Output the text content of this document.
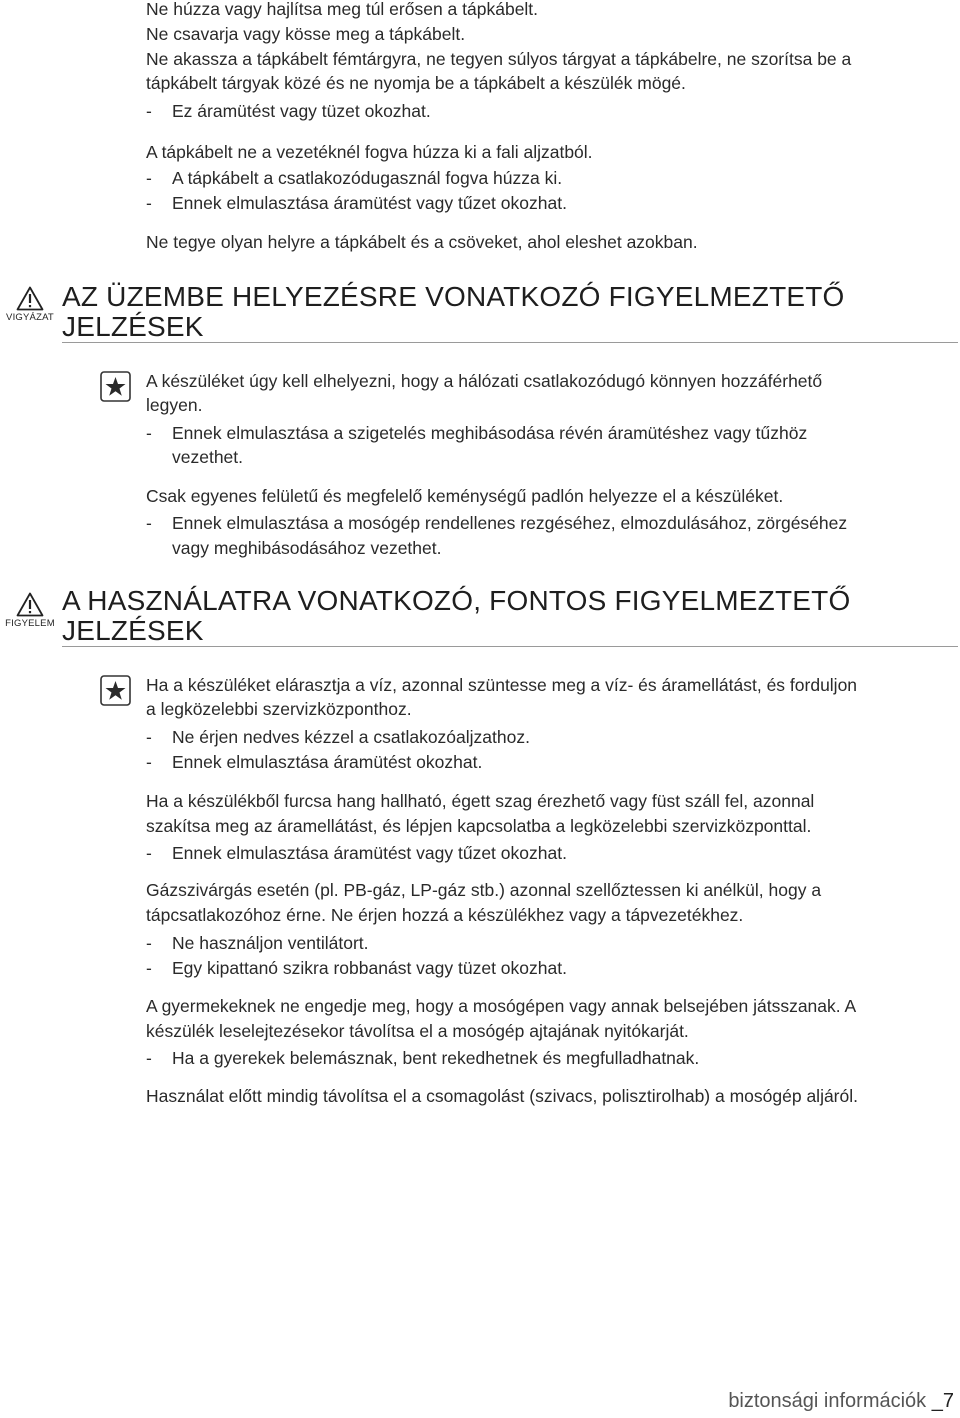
Ne húzza vagy hajlítsa meg túl erősen a tápkábelt.

Ne csavarja vagy kösse meg a tápkábelt.

Ne akassza a tápkábelt fémtárgyra, ne tegyen súlyos tárgyat a tápkábelre, ne szorítsa be a

tápkábelt tárgyak közé és ne nyomja be a tápkábelt a készülék mögé.

- Ez áramütést vagy tüzet okozhat.

A tápkábelt ne a vezetéknél fogva húzza ki a fali aljzatból.

- A tápkábelt a csatlakozódugasznál fogva húzza ki.

- Ennek elmulasztása áramütést vagy tűzet okozhat.

Ne tegye olyan helyre a tápkábelt és a csöveket, ahol eleshet azokban.

VIGYÁZAT
AZ ÜZEMBE HELYEZÉSRE VONATKOZÓ FIGYELMEZTETŐ
JELZÉSEK

A készüléket úgy kell elhelyezni, hogy a hálózati csatlakozódugó könnyen hozzáférhető

legyen.

- Ennek elmulasztása a szigetelés meghibásodása révén áramütéshez vagy tűzhöz

vezethet.

Csak egyenes felületű és megfelelő keménységű padlón helyezze el a készüléket.

- Ennek elmulasztása a mosógép rendellenes rezgéséhez, elmozdulásához, zörgéséhez

vagy meghibásodásához vezethet.

FIGYELEM
A HASZNÁLATRA VONATKOZÓ, FONTOS FIGYELMEZTETŐ
JELZÉSEK

Ha a készüléket elárasztja a víz, azonnal szüntesse meg a víz- és áramellátást, és forduljon

a legközelebbi szervizközponthoz.

- Ne érjen nedves kézzel a csatlakozóaljzathoz.

- Ennek elmulasztása áramütést okozhat.

Ha a készülékből furcsa hang hallható, égett szag érezhető vagy füst száll fel, azonnal

szakítsa meg az áramellátást, és lépjen kapcsolatba a legközelebbi szervizközponttal.

- Ennek elmulasztása áramütést vagy tűzet okozhat.

Gázszivárgás esetén (pl. PB-gáz, LP-gáz stb.) azonnal szellőztessen ki anélkül, hogy a

tápcsatlakozóhoz érne. Ne érjen hozzá a készülékhez vagy a tápvezetékhez.

- Ne használjon ventilátort.

- Egy kipattanó szikra robbanást vagy tüzet okozhat.

A gyermekeknek ne engedje meg, hogy a mosógépen vagy annak belsejében játsszanak. A

készülék leselejtezésekor távolítsa el a mosógép ajtajának nyitókarját.

- Ha a gyerekek belemásznak, bent rekedhetnek és megfulladhatnak.

Használat előtt mindig távolítsa el a csomagolást (szivacs, polisztirolhab) a mosógép aljáról.

biztonsági információk _7
